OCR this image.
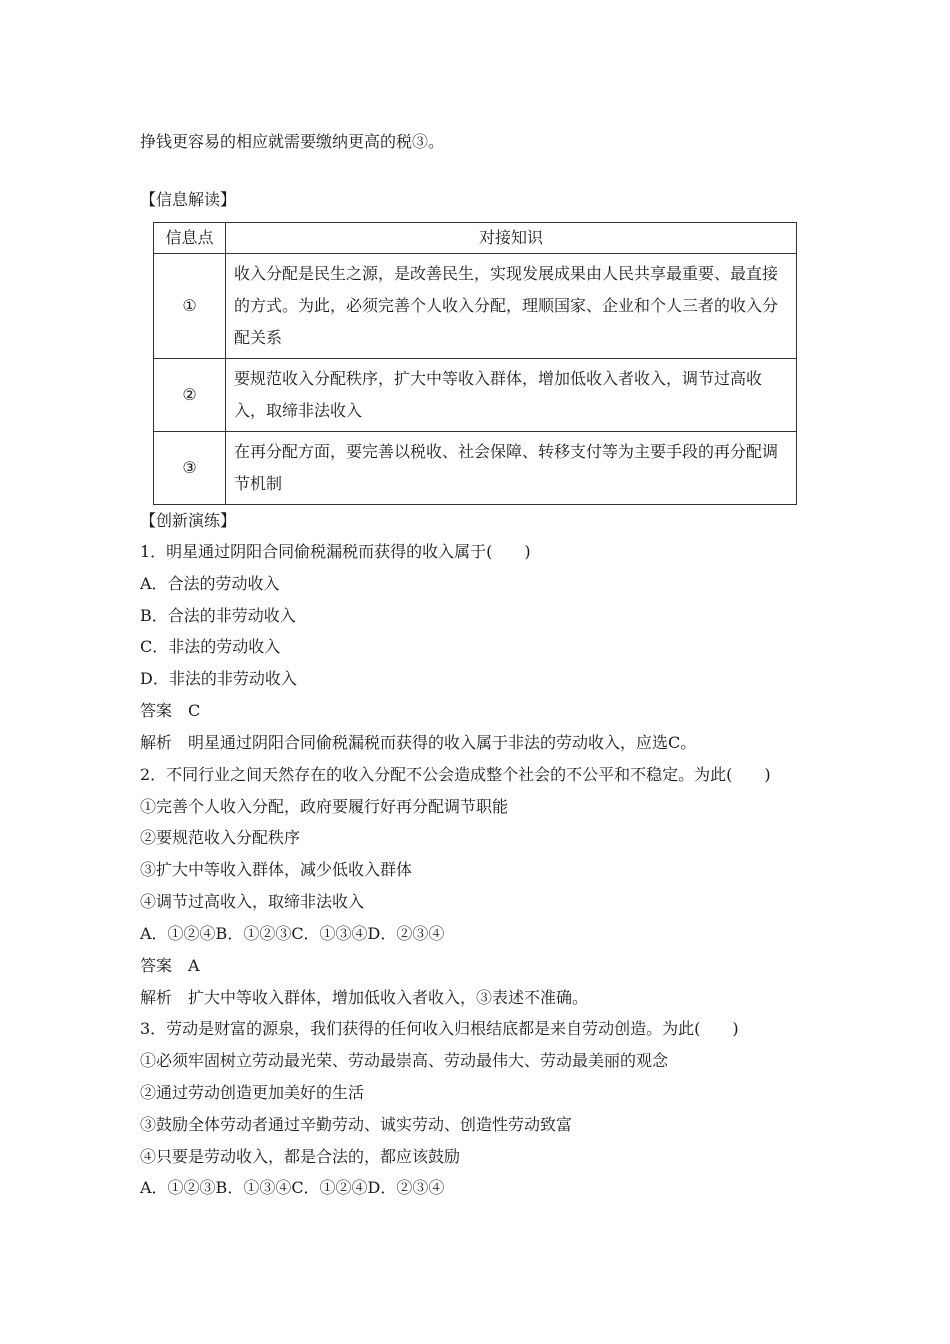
挣钱更容易的相应就需要缴纳更高的税③。
【信息解读】
信息点	对接知识
①	收入分配是民生之源，是改善民生，实现发展成果由人民共享最重要、最直接的方式。为此，必须完善个人收入分配，理顺国家、企业和个人三者的收入分配关系
②	要规范收入分配秩序，扩大中等收入群体，增加低收入者收入，调节过高收入，取缔非法收入
③	在再分配方面，要完善以税收、社会保障、转移支付等为主要手段的再分配调节机制
【创新演练】
1．明星通过阴阳合同偷税漏税而获得的收入属于(　　)
A．合法的劳动收入
B．合法的非劳动收入
C．非法的劳动收入
D．非法的非劳动收入
答案　C
解析　明星通过阴阳合同偷税漏税而获得的收入属于非法的劳动收入，应选C。
2．不同行业之间天然存在的收入分配不公会造成整个社会的不公平和不稳定。为此(　　)
①完善个人收入分配，政府要履行好再分配调节职能
②要规范收入分配秩序
③扩大中等收入群体，减少低收入群体
④调节过高收入，取缔非法收入
A．①②④B．①②③C．①③④D．②③④
答案　A
解析　扩大中等收入群体，增加低收入者收入，③表述不准确。
3．劳动是财富的源泉，我们获得的任何收入归根结底都是来自劳动创造。为此(　　)
①必须牢固树立劳动最光荣、劳动最崇高、劳动最伟大、劳动最美丽的观念
②通过劳动创造更加美好的生活
③鼓励全体劳动者通过辛勤劳动、诚实劳动、创造性劳动致富
④只要是劳动收入，都是合法的，都应该鼓励
A．①②③B．①③④C．①②④D．②③④
